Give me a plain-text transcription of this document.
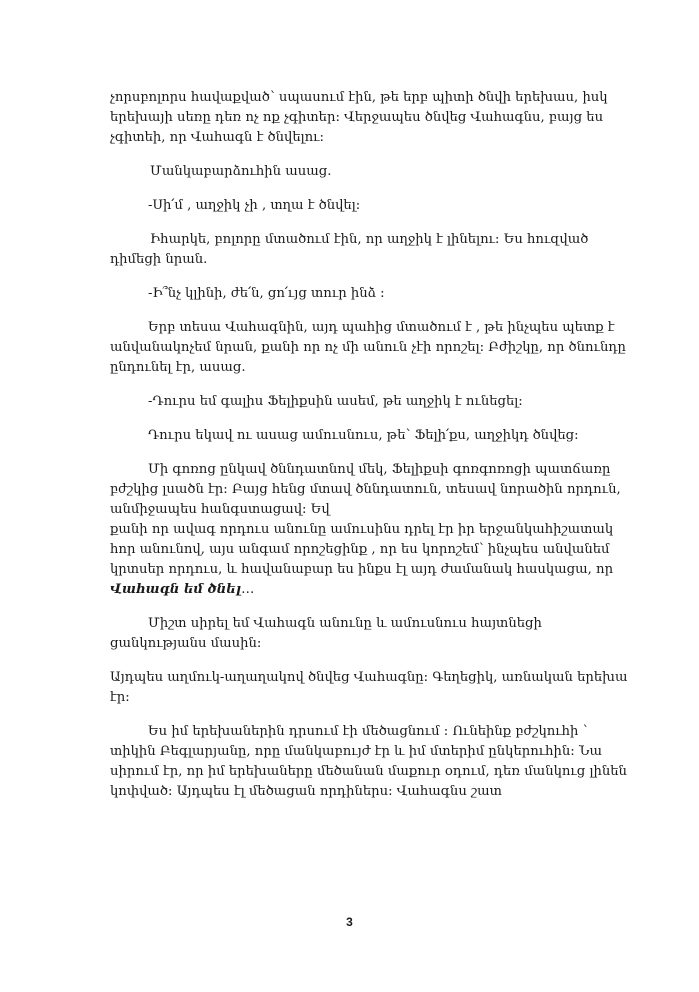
չորսբոլորս հավաքված՝ սպասում էին, թե երբ պիտի ծնվի երեխաս, իսկ երեխայի սեռը դեռ ոչ ոք չգիտեր։ Վերջապես ծնվեց Վահագնս, բայց ես չգիտեի, որ Վահագն է ծնվելու։

Մանկաբարձուհին ասաց.

-Սի՛մ , աղջիկ չի , տղա է ծնվել։

Իհարկե, բոլորը մտածում էին, որ աղջիկ է լինելու։ Ես հուզված դիմեցի նրան.

-Ի՞նչ կլինի, ժե՛ն, ցո՛ւյց տուր ինձ ։

Երբ տեսա Վահագնին, այդ պահից մտածում է , թե ինչպես պետք է անվանակոչեմ նրան, քանի որ ոչ մի անուն չէի որոշել։ Բժիշկը, որ ծնունդը ընդունել էր, ասաց.

-Դուրս եմ գալիս Ֆելիքսին ասեմ, թե աղջիկ է ունեցել։

Դուրս եկավ ու ասաց ամուսնուս, թե՝ Ֆելի՛քս, աղջիկդ ծնվեց։

Մի գոռոց ընկավ ծննդատնով մեկ, Ֆելիքսի գոռգոռոցի պատճառը բժշկից լսածն էր։ Բայց հենց մտավ ծննդատուն, տեսավ նորածին որդուն, անմիջապես հանգստացավ։ Եվ

քանի որ ավագ որդուս անունը ամուսինս դրել էր իր երջանկահիշատակ հոր անունով, այս անգամ որոշեցինք , որ ես կորոշեմ՝ ինչպես անվանեմ կրտսեր որդուս, և հավանաբար ես ինքս էլ այդ ժամանակ հասկացա, որ Վահագն եմ ծնել…

Միշտ սիրել եմ Վահագն անունը և ամուսնուս հայտնեցի ցանկությանս մասին։

Այդպես աղմուկ-աղաղակով ծնվեց Վահագնը։ Գեղեցիկ, առնական երեխա էր։

Ես իմ երեխաներին դրսում էի մեծացնում ։ Ունեինք բժշկուհի ՝ տիկին Բեգլարյանը, որը մանկաբույժ էր և իմ մտերիմ ընկերուհին։ Նա սիրում էր, որ իմ երեխաները մեծանան մաքուր օդում, դեռ մանկուց լինեն կոփված։ Այդպես էլ մեծացան որդիներս։ Վահագնս շատ

3
